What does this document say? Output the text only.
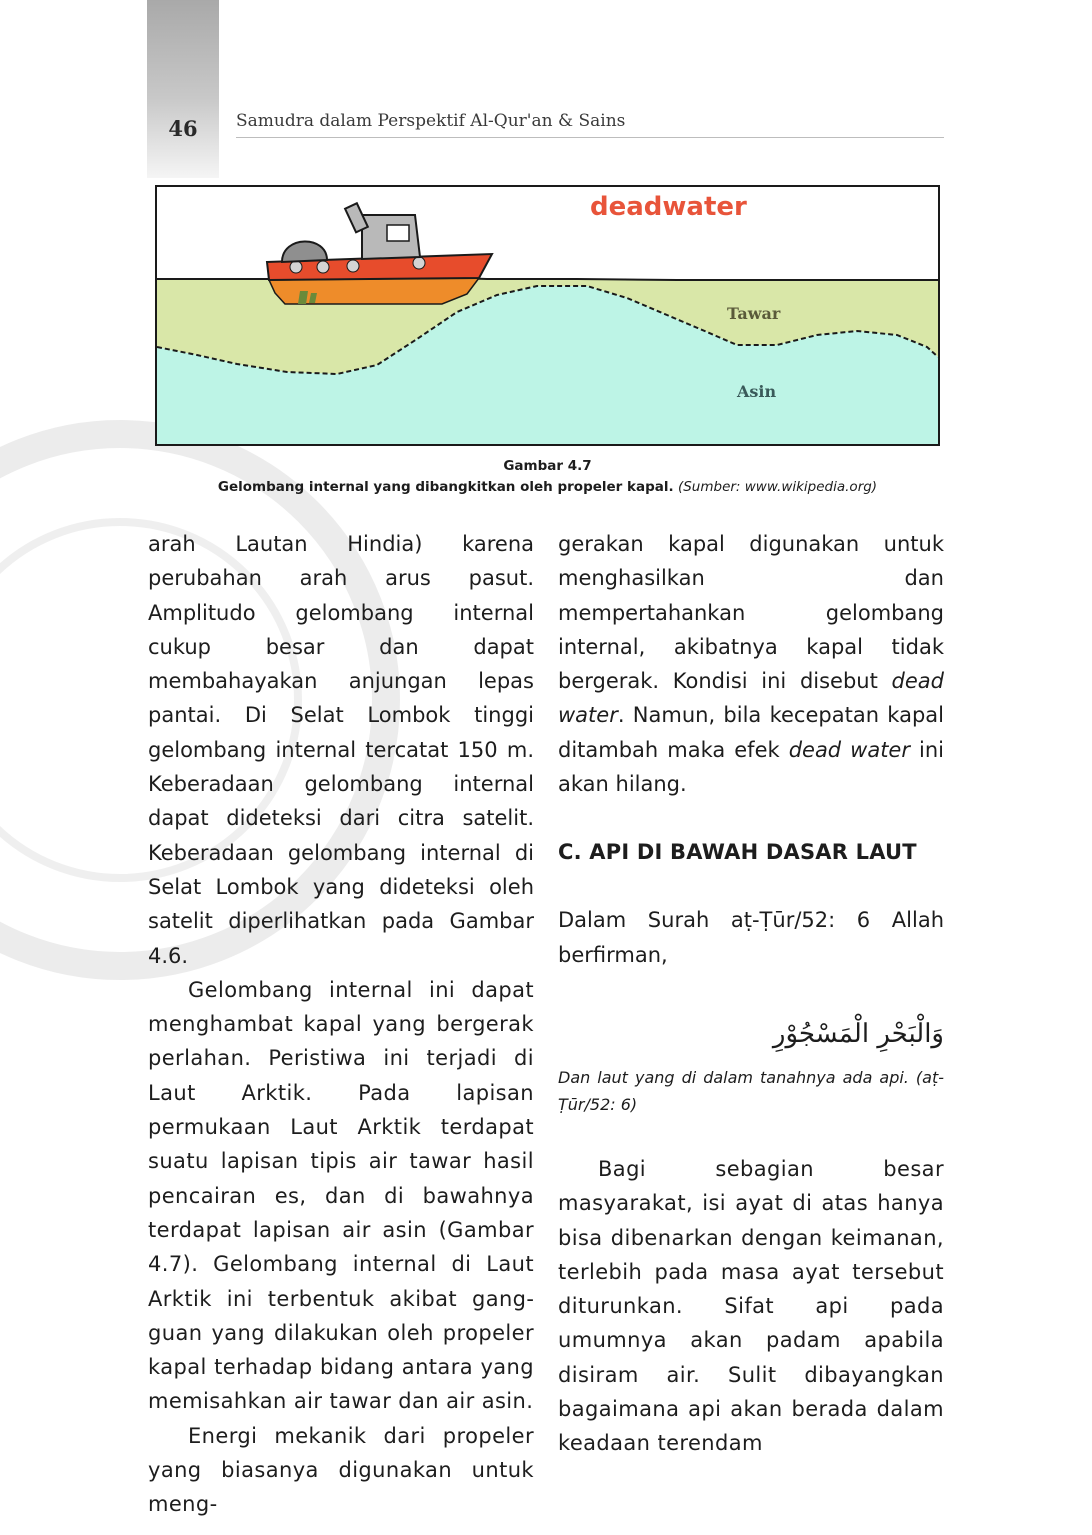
46	Samudra dalam Perspektif Al-Qur'an & Sains
deadwater
Tawar
Asin
Gambar 4.7
Gelombang internal yang dibangkitkan oleh propeler kapal. (Sumber: www.wikipedia.org)

arah Lautan Hindia) karena perubahan arah arus pasut. Amplitudo gelombang internal cukup besar dan dapat membahayakan anjungan lepas pantai. Di Selat Lombok tinggi gelombang internal tercatat 150 m. Keberadaan gelombang internal dapat dideteksi dari citra satelit. Keberadaan gelombang internal di Selat Lombok yang dideteksi oleh satelit diperlihatkan pada Gambar 4.6.

Gelombang internal ini dapat menghambat kapal yang bergerak perlahan. Peristiwa ini terjadi di Laut Arktik. Pada lapisan permukaan Laut Arktik terdapat suatu lapisan tipis air tawar hasil pencairan es, dan di bawahnya terdapat lapisan air asin (Gambar 4.7). Gelombang internal di Laut Arktik ini terbentuk akibat gangguan yang dilakukan oleh propeler kapal terhadap bidang antara yang memisahkan air tawar dan air asin.

Energi mekanik dari propeler yang biasanya digunakan untuk meng-

gerakan kapal digunakan untuk menghasilkan dan mempertahankan gelombang internal, akibatnya kapal tidak bergerak. Kondisi ini disebut dead water. Namun, bila kecepatan kapal ditambah maka efek dead water ini akan hilang.

C. API DI BAWAH DASAR LAUT

Dalam Surah aṭ-Ṭūr/52: 6 Allah berfirman,

وَالْبَحْرِ الْمَسْجُوْرِ

Dan laut yang di dalam tanahnya ada api. (aṭ-Ṭūr/52: 6)

Bagi sebagian besar masyarakat, isi ayat di atas hanya bisa dibenarkan dengan keimanan, terlebih pada masa ayat tersebut diturunkan. Sifat api pada umumnya akan padam apabila disiram air. Sulit dibayangkan bagaimana api akan berada dalam keadaan terendam
